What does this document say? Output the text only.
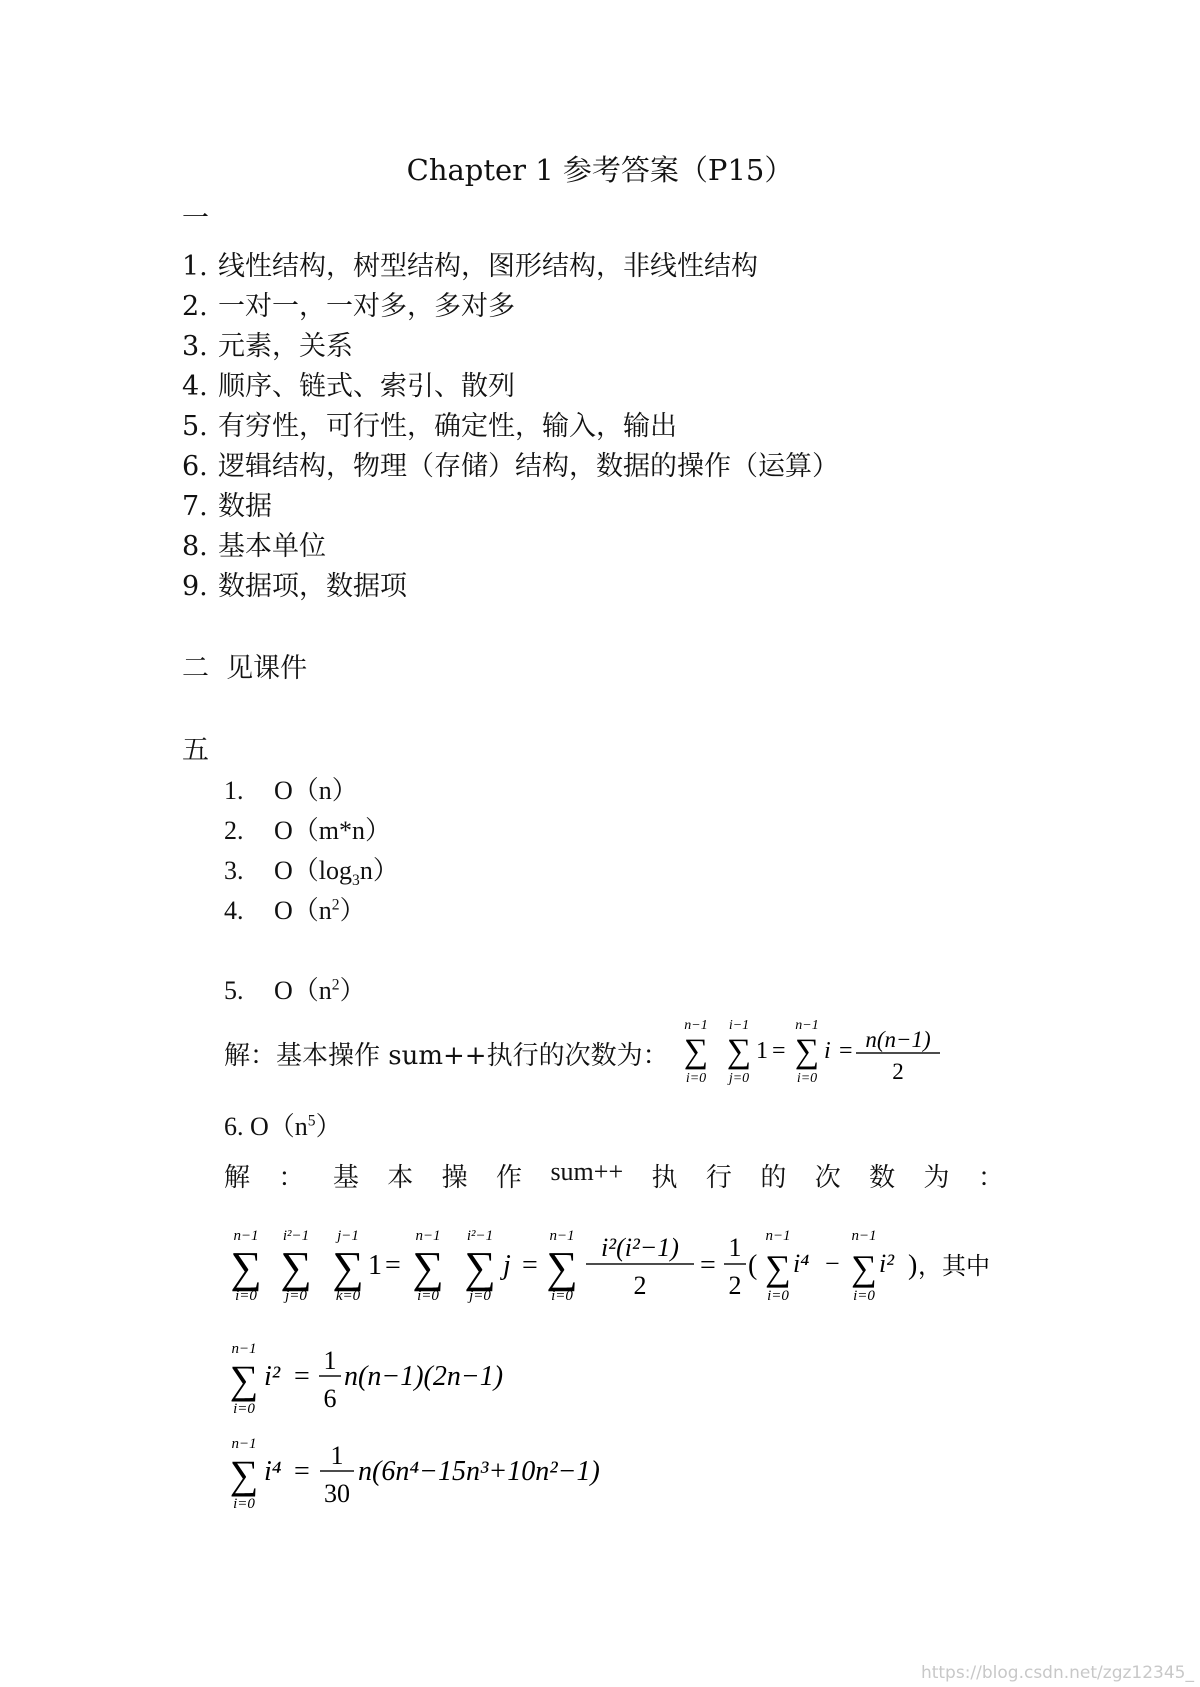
Chapter 1 参考答案（P15）
一
1. 线性结构，树型结构，图形结构，非线性结构
2. 一对一，一对多，多对多
3. 元素，关系
4. 顺序、链式、索引、散列
5. 有穷性，可行性，确定性，输入，输出
6. 逻辑结构，物理（存储）结构，数据的操作（运算）
7. 数据
8. 基本单位
9. 数据项，数据项
二 见课件
五
1. O（n）
2. O（m*n）
3. $O(\log_3n)$
4. $O(n^2)$
5. $O(n^2)$
解：基本操作 sum++执行的次数为：
n−1
∑
i=0
i−1
∑
j=0
1 =
n−1
∑
i=0
i = n(n−1)
2
6. $O(n^5)$
解 ： 基 本 操 作 sum++ 执 行 的 次 数 为 ：
n−1
i=0
i²−1
j=0
j−1
k=0
n−1
i=0
i²−1
j=0
n−1
i=0
n−1
i=0
n−1
i=0
∑ ∑ ∑ ∑ ∑ ∑	∑ ∑
1 =	j =
i²(i²−1)
2
=
1
2
( i⁴ − i² ) ，其中
n−1
∑
i=0
i² =
1
6
n(n−1)(2n−1)
n−1
∑
i=0
i⁴ =
1
30
n(6n⁴−15n³+10n²−1)
https://blog.csdn.net/zgz12345_
